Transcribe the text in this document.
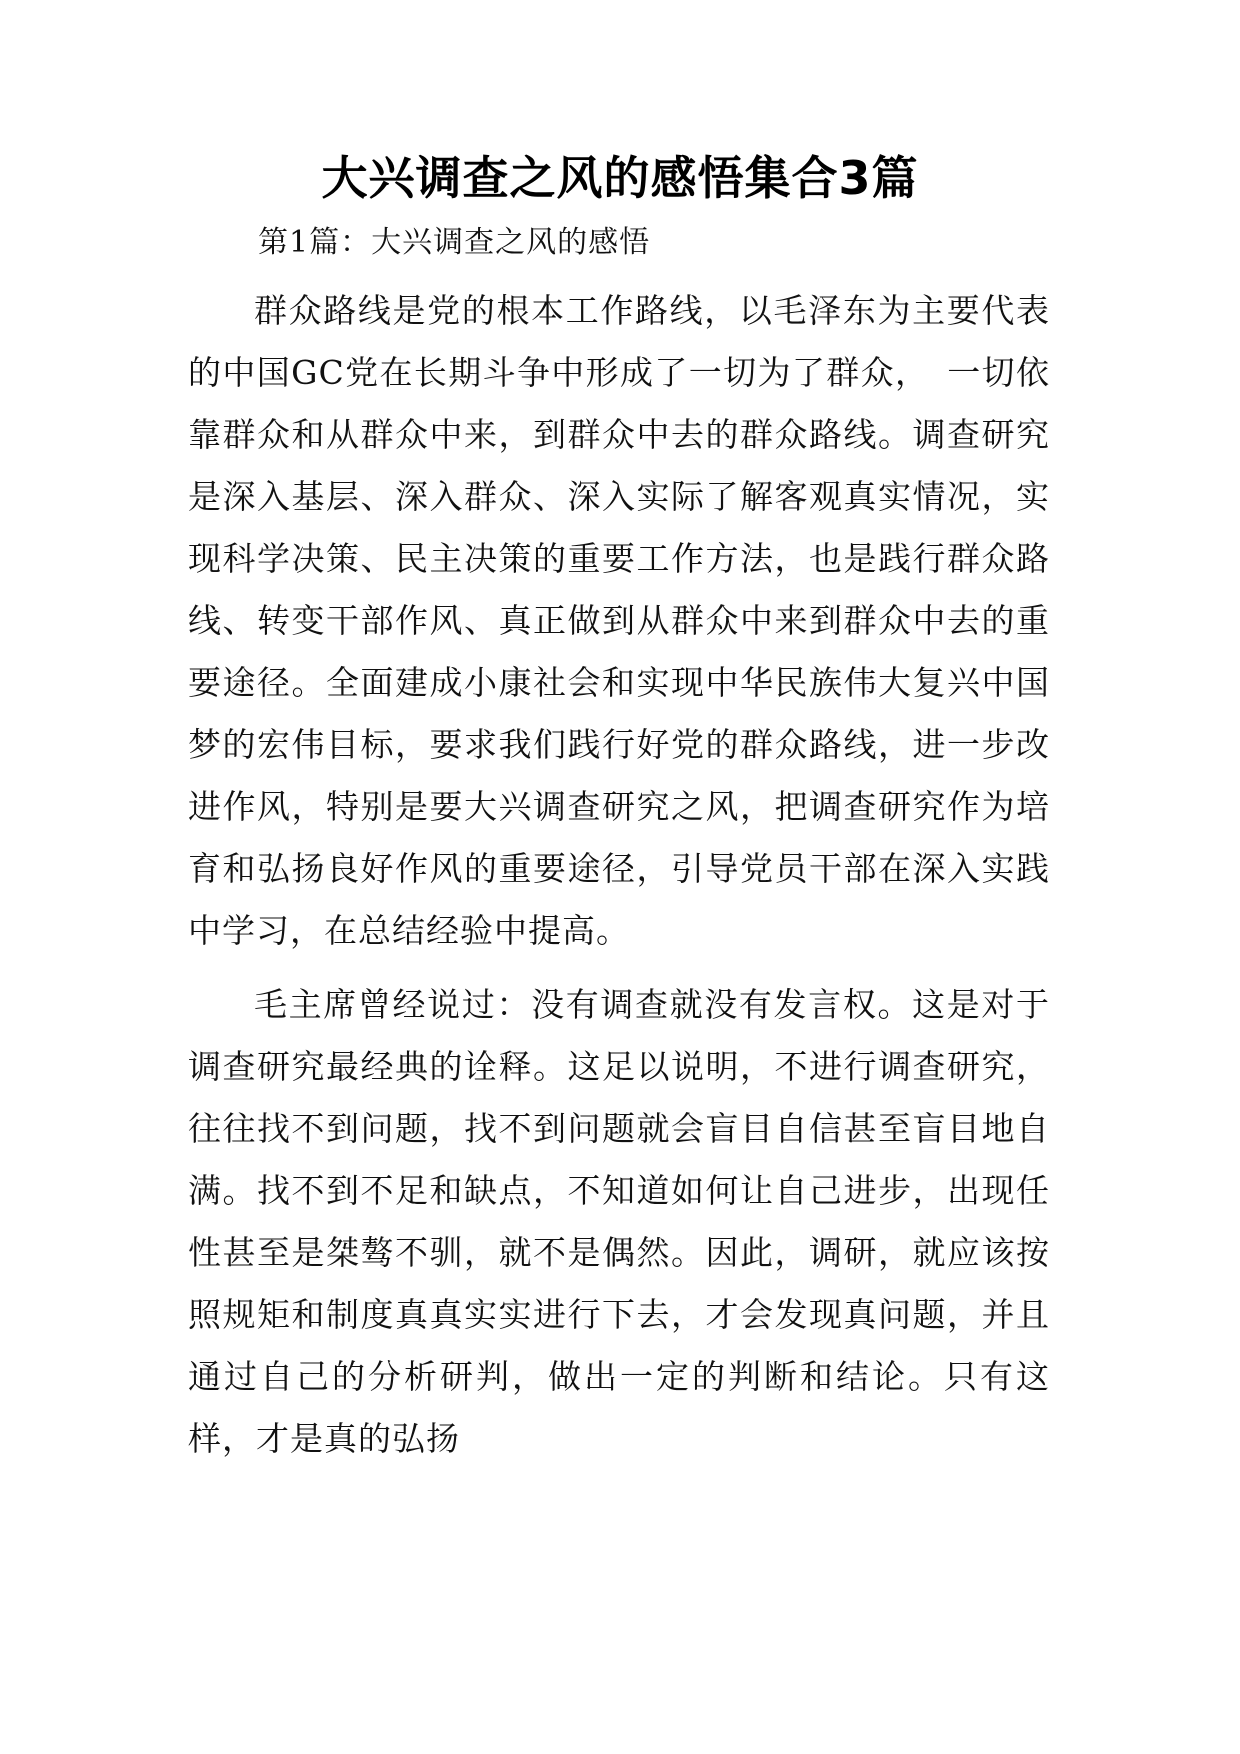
大兴调查之风的感悟集合3篇

第1篇：大兴调查之风的感悟

群众路线是党的根本工作路线，以毛泽东为主要代表的中国GC党在长期斗争中形成了一切为了群众，　一切依靠群众和从群众中来，到群众中去的群众路线。调查研究是深入基层、深入群众、深入实际了解客观真实情况，实现科学决策、民主决策的重要工作方法，也是践行群众路线、转变干部作风、真正做到从群众中来到群众中去的重要途径。全面建成小康社会和实现中华民族伟大复兴中国梦的宏伟目标，要求我们践行好党的群众路线，进一步改进作风，特别是要大兴调查研究之风，把调查研究作为培育和弘扬良好作风的重要途径，引导党员干部在深入实践中学习，在总结经验中提高。

毛主席曾经说过：没有调查就没有发言权。这是对于调查研究最经典的诠释。这足以说明，不进行调查研究，往往找不到问题，找不到问题就会盲目自信甚至盲目地自满。找不到不足和缺点，不知道如何让自己进步，出现任性甚至是桀骜不驯，就不是偶然。因此，调研，就应该按照规矩和制度真真实实进行下去，才会发现真问题，并且通过自己的分析研判，做出一定的判断和结论。只有这样，才是真的弘扬
